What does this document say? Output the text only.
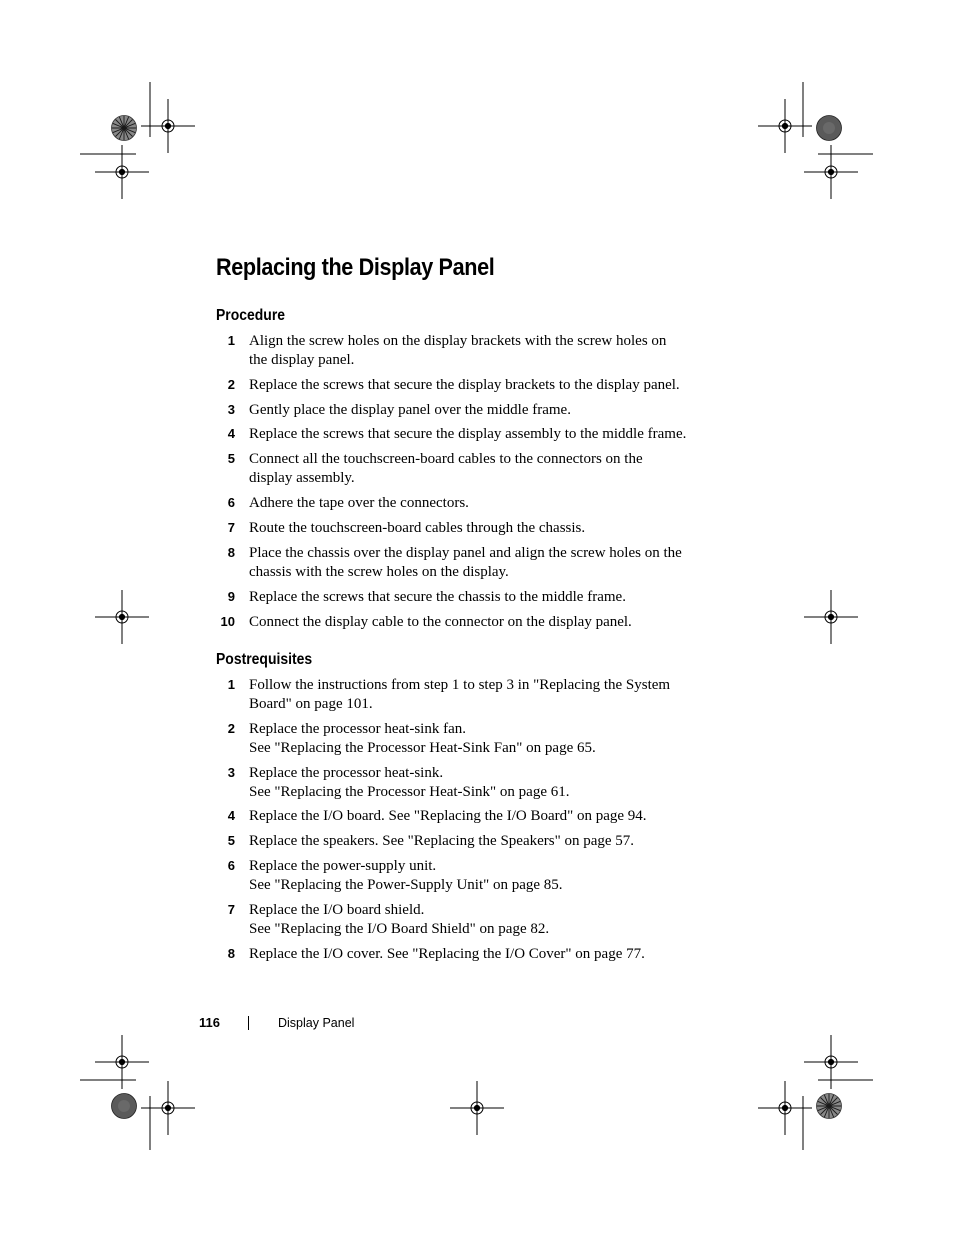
Replacing the Display Panel
Procedure
1 Align the screw holes on the display brackets with the screw holes on
the display panel.
2 Replace the screws that secure the display brackets to the display panel.
3 Gently place the display panel over the middle frame.
4 Replace the screws that secure the display assembly to the middle frame.
5 Connect all the touchscreen-board cables to the connectors on the
display assembly.
6 Adhere the tape over the connectors.
7 Route the touchscreen-board cables through the chassis.
8 Place the chassis over the display panel and align the screw holes on the
chassis with the screw holes on the display.
9 Replace the screws that secure the chassis to the middle frame.
10 Connect the display cable to the connector on the display panel.
Postrequisites
1 Follow the instructions from step 1 to step 3 in "Replacing the System
Board" on page 101.
2 Replace the processor heat-sink fan.
See "Replacing the Processor Heat-Sink Fan" on page 65.
3 Replace the processor heat-sink.
See "Replacing the Processor Heat-Sink" on page 61.
4 Replace the I/O board. See "Replacing the I/O Board" on page 94.
5 Replace the speakers. See "Replacing the Speakers" on page 57.
6 Replace the power-supply unit.
See "Replacing the Power-Supply Unit" on page 85.
7 Replace the I/O board shield.
See "Replacing the I/O Board Shield" on page 82.
8 Replace the I/O cover. See "Replacing the I/O Cover" on page 77.
116	Display Panel
